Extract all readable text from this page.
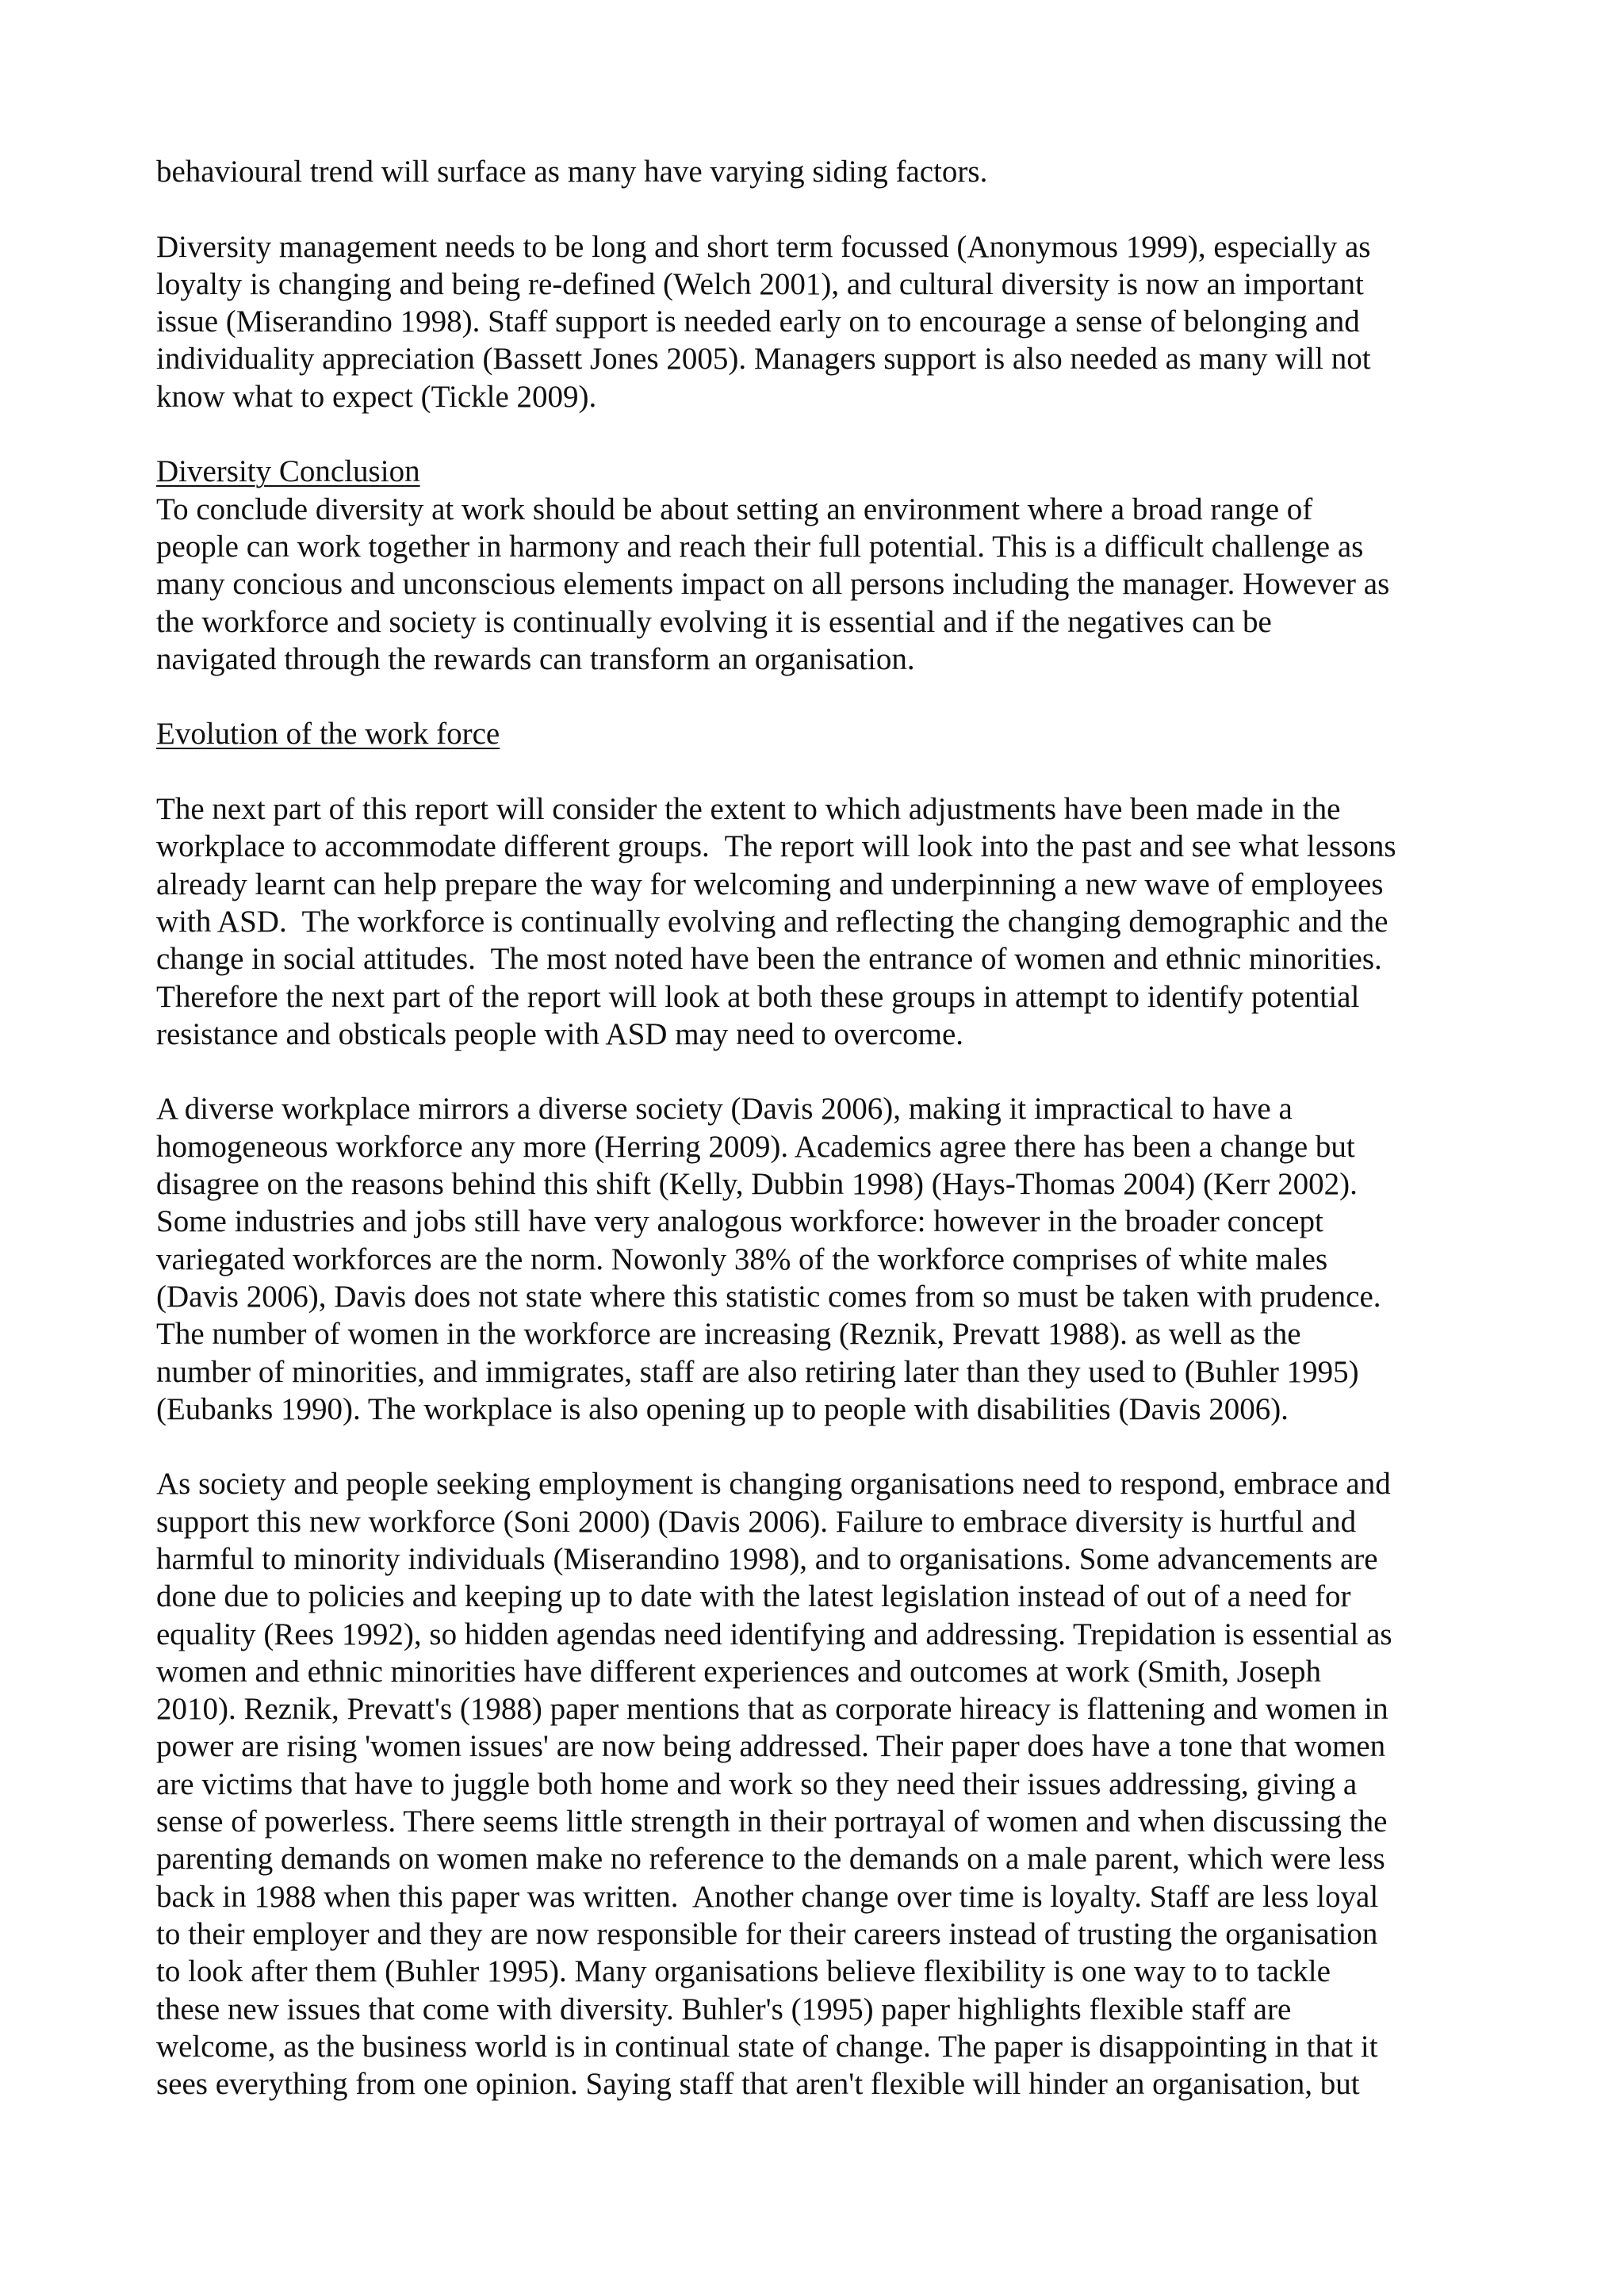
behavioural trend will surface as many have varying siding factors.
Diversity management needs to be long and short term focussed (Anonymous 1999), especially as
loyalty is changing and being re-defined (Welch 2001), and cultural diversity is now an important
issue (Miserandino 1998). Staff support is needed early on to encourage a sense of belonging and
individuality appreciation (Bassett Jones 2005). Managers support is also needed as many will not
know what to expect (Tickle 2009).
Diversity Conclusion
To conclude diversity at work should be about setting an environment where a broad range of
people can work together in harmony and reach their full potential. This is a difficult challenge as
many concious and unconscious elements impact on all persons including the manager. However as
the workforce and society is continually evolving it is essential and if the negatives can be
navigated through the rewards can transform an organisation.
Evolution of the work force
The next part of this report will consider the extent to which adjustments have been made in the
workplace to accommodate different groups.  The report will look into the past and see what lessons
already learnt can help prepare the way for welcoming and underpinning a new wave of employees
with ASD.  The workforce is continually evolving and reflecting the changing demographic and the
change in social attitudes.  The most noted have been the entrance of women and ethnic minorities.
Therefore the next part of the report will look at both these groups in attempt to identify potential
resistance and obsticals people with ASD may need to overcome.
A diverse workplace mirrors a diverse society (Davis 2006), making it impractical to have a
homogeneous workforce any more (Herring 2009). Academics agree there has been a change but
disagree on the reasons behind this shift (Kelly, Dubbin 1998) (Hays-Thomas 2004) (Kerr 2002).
Some industries and jobs still have very analogous workforce: however in the broader concept
variegated workforces are the norm. Nowonly 38% of the workforce comprises of white males
(Davis 2006), Davis does not state where this statistic comes from so must be taken with prudence.
The number of women in the workforce are increasing (Reznik, Prevatt 1988). as well as the
number of minorities, and immigrates, staff are also retiring later than they used to (Buhler 1995)
(Eubanks 1990). The workplace is also opening up to people with disabilities (Davis 2006).
As society and people seeking employment is changing organisations need to respond, embrace and
support this new workforce (Soni 2000) (Davis 2006). Failure to embrace diversity is hurtful and
harmful to minority individuals (Miserandino 1998), and to organisations. Some advancements are
done due to policies and keeping up to date with the latest legislation instead of out of a need for
equality (Rees 1992), so hidden agendas need identifying and addressing. Trepidation is essential as
women and ethnic minorities have different experiences and outcomes at work (Smith, Joseph
2010). Reznik, Prevatt's (1988) paper mentions that as corporate hireacy is flattening and women in
power are rising 'women issues' are now being addressed. Their paper does have a tone that women
are victims that have to juggle both home and work so they need their issues addressing, giving a
sense of powerless. There seems little strength in their portrayal of women and when discussing the
parenting demands on women make no reference to the demands on a male parent, which were less
back in 1988 when this paper was written.  Another change over time is loyalty. Staff are less loyal
to their employer and they are now responsible for their careers instead of trusting the organisation
to look after them (Buhler 1995). Many organisations believe flexibility is one way to to tackle
these new issues that come with diversity. Buhler's (1995) paper highlights flexible staff are
welcome, as the business world is in continual state of change. The paper is disappointing in that it
sees everything from one opinion. Saying staff that aren't flexible will hinder an organisation, but
